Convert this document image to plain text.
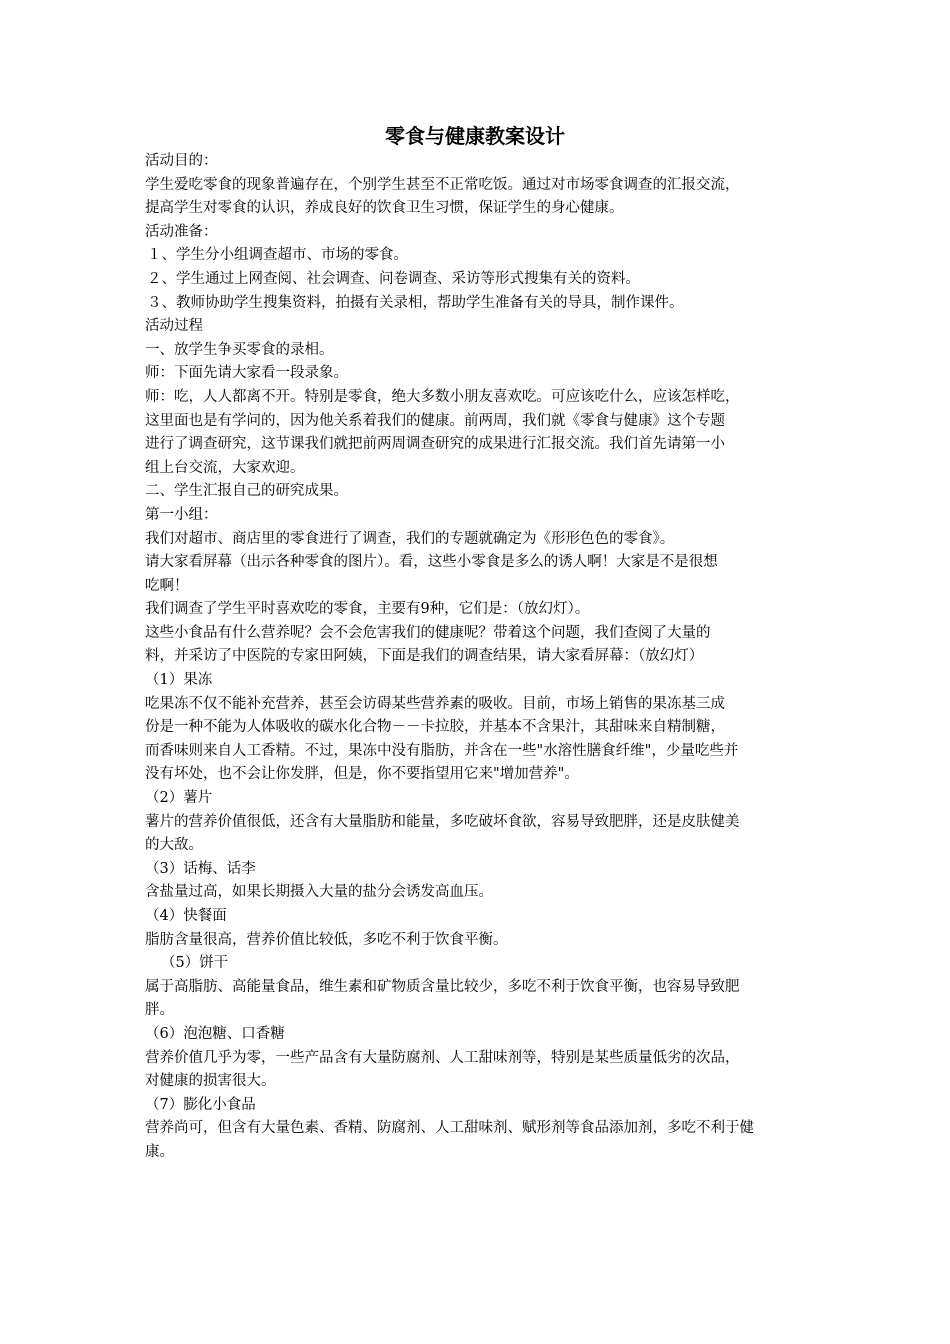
零食与健康教案设计

活动目的：

学生爱吃零食的现象普遍存在，个别学生甚至不正常吃饭。通过对市场零食调查的汇报交流，

提高学生对零食的认识，养成良好的饮食卫生习惯，保证学生的身心健康。

活动准备：

１、学生分小组调查超市、市场的零食。

２、学生通过上网查阅、社会调查、问卷调查、采访等形式搜集有关的资料。

３、教师协助学生搜集资料，拍摄有关录相，帮助学生准备有关的导具，制作课件。

活动过程

一、放学生争买零食的录相。

师：下面先请大家看一段录象。

师：吃，人人都离不开。特别是零食，绝大多数小朋友喜欢吃。可应该吃什么，应该怎样吃，

这里面也是有学问的，因为他关系着我们的健康。前两周，我们就《零食与健康》这个专题

进行了调查研究，这节课我们就把前两周调查研究的成果进行汇报交流。我们首先请第一小

组上台交流，大家欢迎。

二、学生汇报自己的研究成果。

第一小组：

我们对超市、商店里的零食进行了调查，我们的专题就确定为《形形色色的零食》。

请大家看屏幕（出示各种零食的图片）。看，这些小零食是多么的诱人啊！大家是不是很想

吃啊！

我们调查了学生平时喜欢吃的零食，主要有9种，它们是：（放幻灯）。

这些小食品有什么营养呢？会不会危害我们的健康呢？带着这个问题，我们查阅了大量的

料，并采访了中医院的专家田阿姨，下面是我们的调查结果，请大家看屏幕：（放幻灯）

（1）果冻

吃果冻不仅不能补充营养，甚至会访碍某些营养素的吸收。目前，市场上销售的果冻基三成

份是一种不能为人体吸收的碳水化合物－－卡拉胶，并基本不含果汁，其甜味来自精制糖，

而香味则来自人工香精。不过，果冻中没有脂肪，并含在一些"水溶性膳食纤维"，少量吃些并

没有坏处，也不会让你发胖，但是，你不要指望用它来"增加营养"。

（2）薯片

薯片的营养价值很低，还含有大量脂肪和能量，多吃破坏食欲，容易导致肥胖，还是皮肤健美

的大敌。

（3）话梅、话李

含盐量过高，如果长期摄入大量的盐分会诱发高血压。

（4）快餐面

脂肪含量很高，营养价值比较低，多吃不利于饮食平衡。

（5）饼干

属于高脂肪、高能量食品，维生素和矿物质含量比较少，多吃不利于饮食平衡，也容易导致肥

胖。

（6）泡泡糖、口香糖

营养价值几乎为零，一些产品含有大量防腐剂、人工甜味剂等，特别是某些质量低劣的次品，

对健康的损害很大。

（7）膨化小食品

营养尚可，但含有大量色素、香精、防腐剂、人工甜味剂、赋形剂等食品添加剂，多吃不利于健

康。
